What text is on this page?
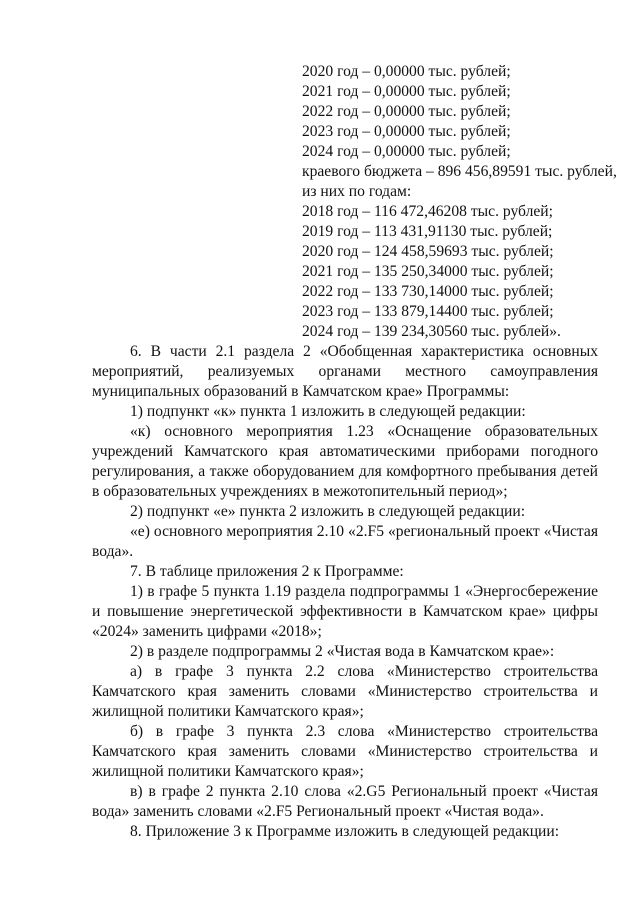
2020 год – 0,00000 тыс. рублей;
2021 год – 0,00000 тыс. рублей;
2022 год – 0,00000 тыс. рублей;
2023 год – 0,00000 тыс. рублей;
2024 год – 0,00000 тыс. рублей;
краевого бюджета – 896 456,89591 тыс. рублей,
из них по годам:
2018 год – 116 472,46208 тыс. рублей;
2019 год – 113 431,91130 тыс. рублей;
2020 год – 124 458,59693 тыс. рублей;
2021 год – 135 250,34000 тыс. рублей;
2022 год – 133 730,14000 тыс. рублей;
2023 год – 133 879,14400 тыс. рублей;
2024 год – 139 234,30560 тыс. рублей».
6. В части 2.1 раздела 2 «Обобщенная характеристика основных мероприятий, реализуемых органами местного самоуправления муниципальных образований в Камчатском крае» Программы:
1) подпункт «к» пункта 1 изложить в следующей редакции:
«к) основного мероприятия 1.23 «Оснащение образовательных учреждений Камчатского края автоматическими приборами погодного регулирования, а также оборудованием для комфортного пребывания детей в образовательных учреждениях в межотопительный период»;
2) подпункт «е» пункта 2 изложить в следующей редакции:
«е) основного мероприятия 2.10 «2.F5 «региональный проект «Чистая вода».
7. В таблице приложения 2 к Программе:
1) в графе 5 пункта 1.19 раздела подпрограммы 1 «Энергосбережение и повышение энергетической эффективности в Камчатском крае» цифры «2024» заменить цифрами «2018»;
2) в разделе подпрограммы 2 «Чистая вода в Камчатском крае»:
а) в графе 3 пункта 2.2 слова «Министерство строительства Камчатского края заменить словами «Министерство строительства и жилищной политики Камчатского края»;
б) в графе 3 пункта 2.3 слова «Министерство строительства Камчатского края заменить словами «Министерство строительства и жилищной политики Камчатского края»;
в) в графе 2 пункта 2.10 слова «2.G5 Региональный проект «Чистая вода» заменить словами «2.F5 Региональный проект «Чистая вода».
8. Приложение 3 к Программе изложить в следующей редакции:
